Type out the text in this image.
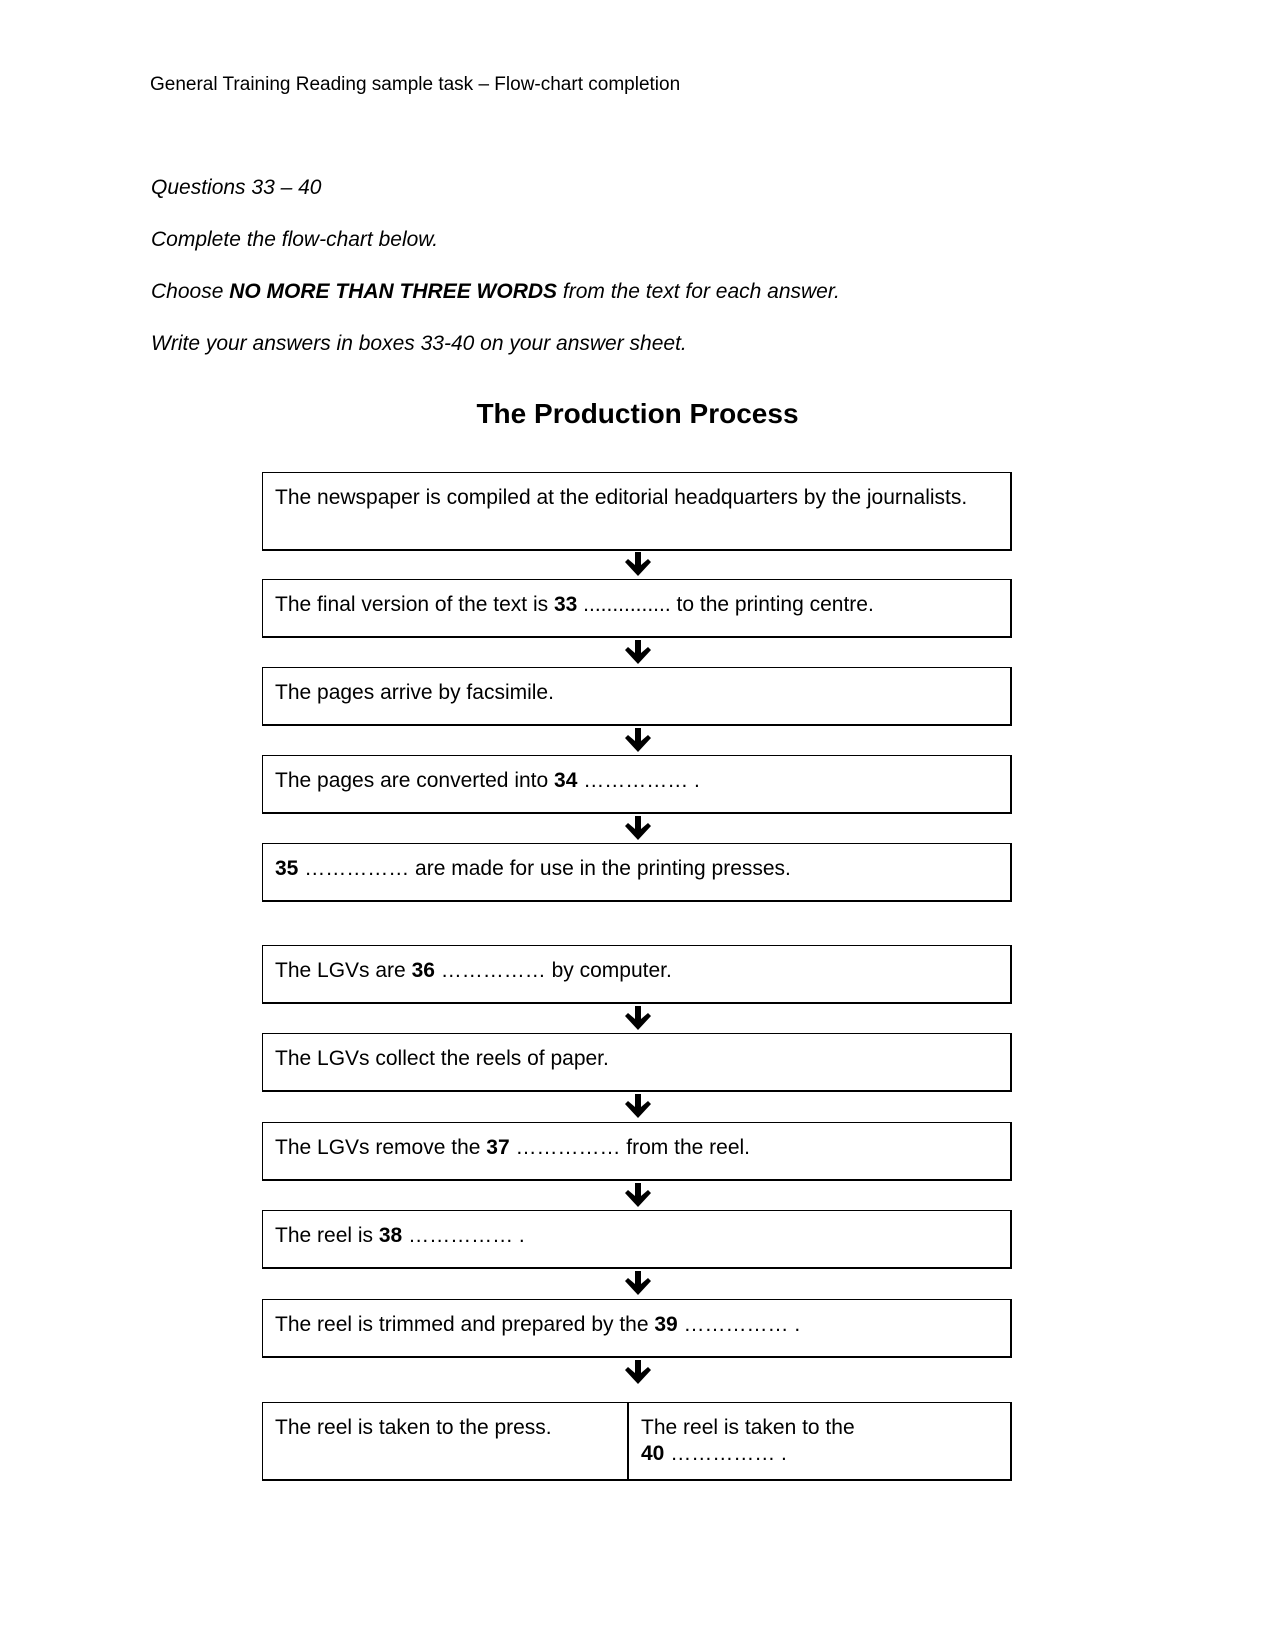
General Training Reading sample task – Flow-chart completion
Questions 33 – 40
Complete the flow-chart below.
Choose NO MORE THAN THREE WORDS from the text for each answer.
Write your answers in boxes 33-40 on your answer sheet.
The Production Process
The newspaper is compiled at the editorial headquarters by the journalists.
The final version of the text is 33 ............... to the printing centre.
The pages arrive by facsimile.
The pages are converted into 34 …………… .
35 …………… are made for use in the printing presses.
The LGVs are 36 …………… by computer.
The LGVs collect the reels of paper.
The LGVs remove the 37 …………… from the reel.
The reel is 38 …………… .
The reel is trimmed and prepared by the 39 …………… .
The reel is taken to the press.	The reel is taken to the
40 …………… .
